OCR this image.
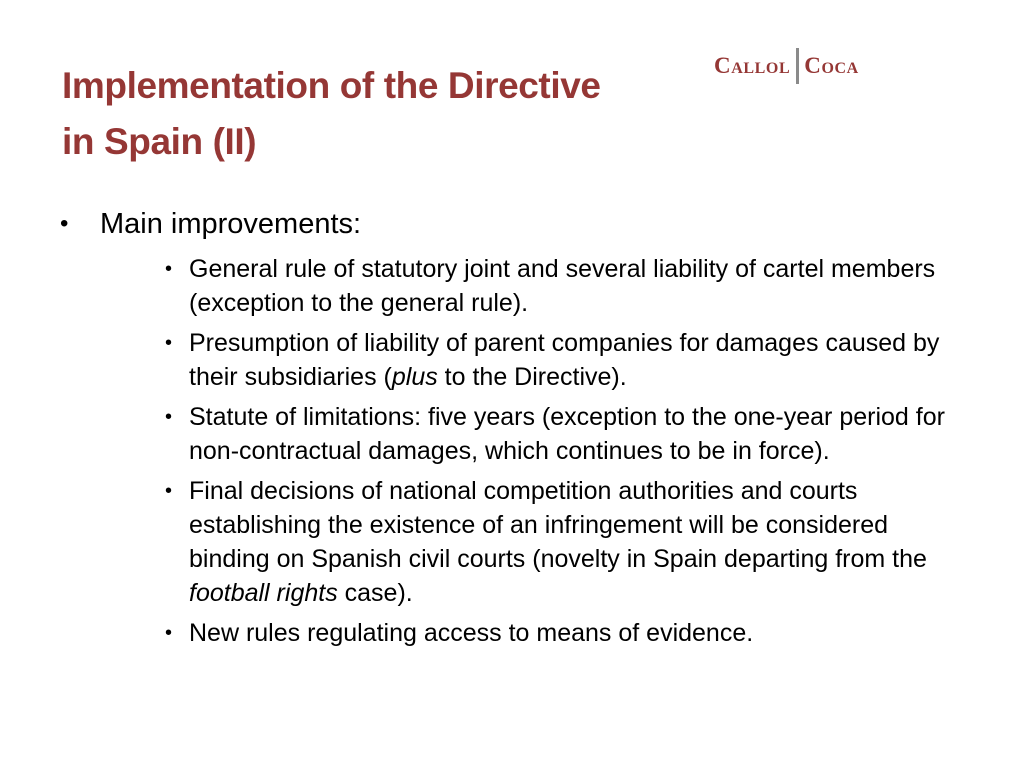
Implementation of the Directive
in Spain (II)
Callol Coca
• Main improvements:
• General rule of statutory joint and several liability of cartel members (exception to the general rule).
• Presumption of liability of parent companies for damages caused by their subsidiaries (plus to the Directive).
• Statute of limitations: five years (exception to the one-year period for non-contractual damages, which continues to be in force).
• Final decisions of national competition authorities and courts establishing the existence of an infringement will be considered binding on Spanish civil courts (novelty in Spain departing from the football rights case).
• New rules regulating access to means of evidence.
